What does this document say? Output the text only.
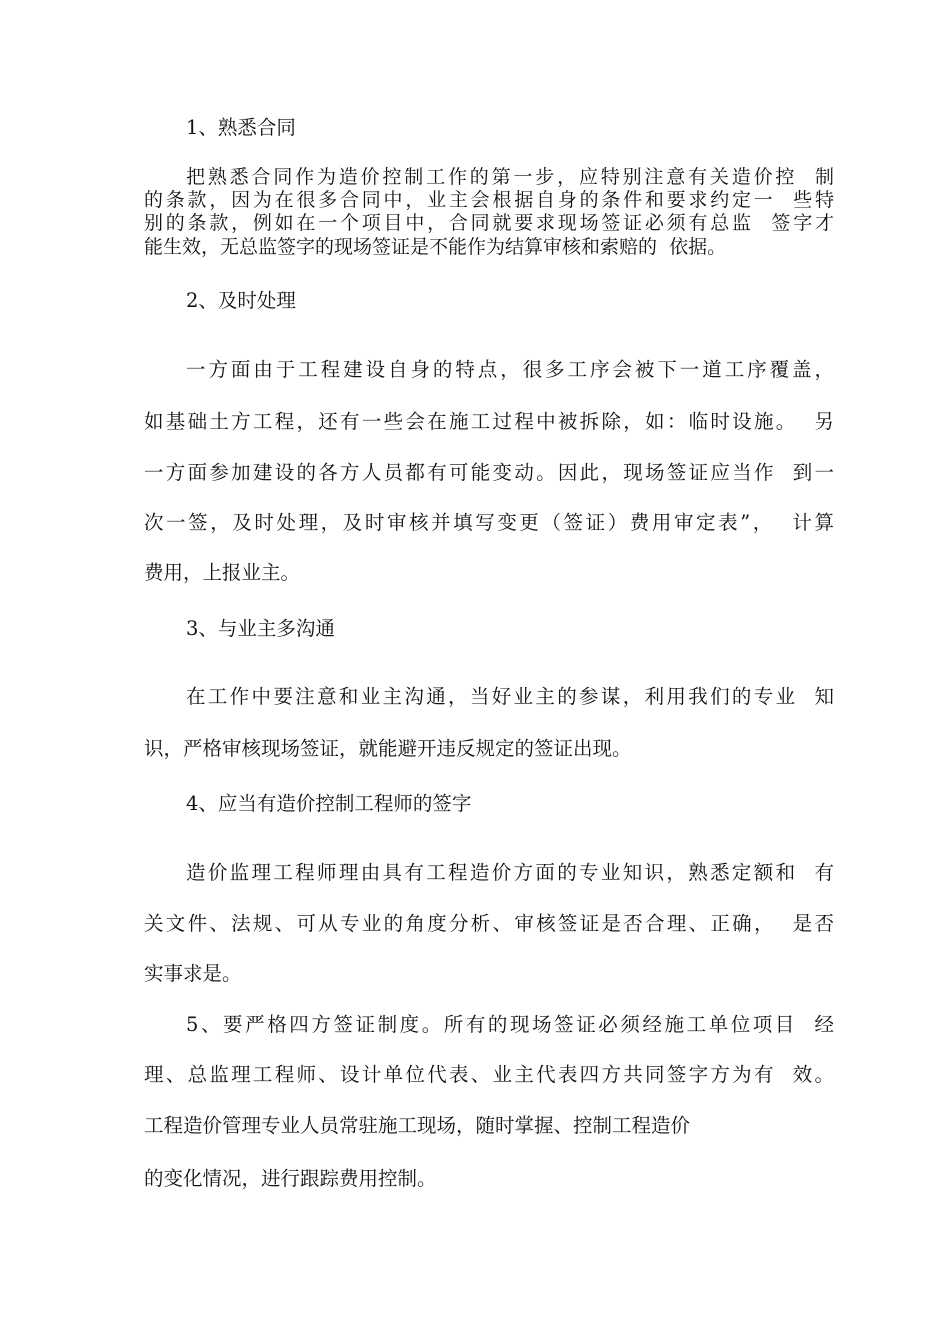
1、熟悉合同
把熟悉合同作为造价控制工作的第一步，应特别注意有关造价控  制
的条款，因为在很多合同中，业主会根据自身的条件和要求约定一  些特
别的条款，例如在一个项目中，合同就要求现场签证必须有总监  签字才
能生效，无总监签字的现场签证是不能作为结算审核和索赔的  依据。
2、及时处理
一方面由于工程建设自身的特点，很多工序会被下一道工序覆盖，
如基础土方工程，还有一些会在施工过程中被拆除，如：临时设施。  另
一方面参加建设的各方人员都有可能变动。因此，现场签证应当作  到一
次一签，及时处理，及时审核并填写变更（签证）费用审定表”，  计算
费用，上报业主。
3、与业主多沟通
在工作中要注意和业主沟通，当好业主的参谋，利用我们的专业  知
识，严格审核现场签证，就能避开违反规定的签证出现。
4、应当有造价控制工程师的签字
造价监理工程师理由具有工程造价方面的专业知识，熟悉定额和  有
关文件、法规、可从专业的角度分析、审核签证是否合理、正确，  是否
实事求是。
5、要严格四方签证制度。所有的现场签证必须经施工单位项目  经
理、总监理工程师、设计单位代表、业主代表四方共同签字方为有  效。
工程造价管理专业人员常驻施工现场，随时掌握、控制工程造价
的变化情况，进行跟踪费用控制。
